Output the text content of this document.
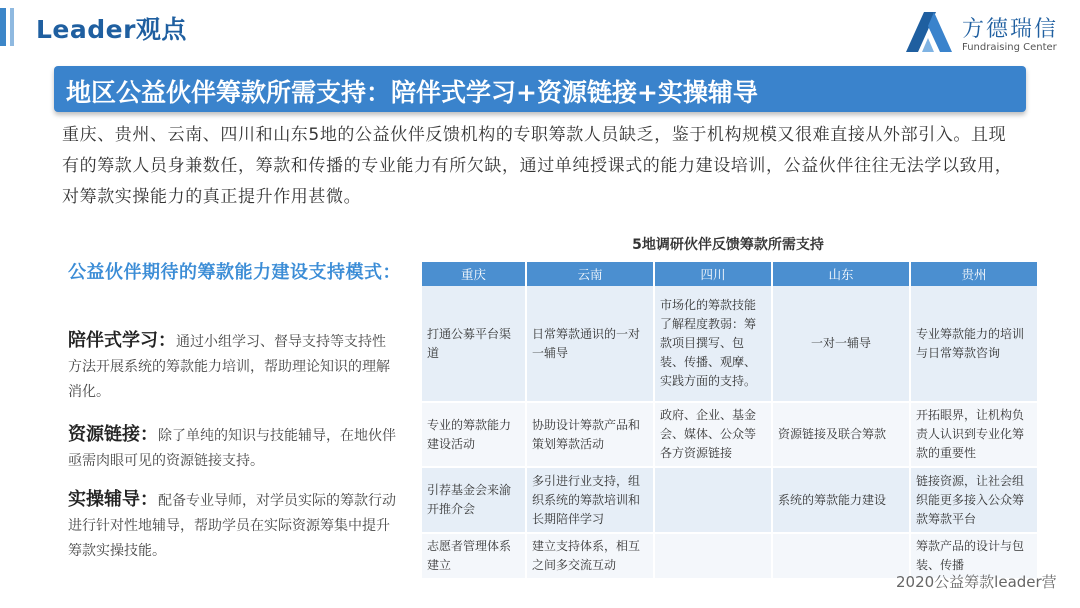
Leader观点	方德瑞信
Fundraising Center
地区公益伙伴筹款所需支持：陪伴式学习+资源链接+实操辅导
重庆、贵州、云南、四川和山东5地的公益伙伴反馈机构的专职筹款人员缺乏，鉴于机构规模又很难直接从外部引入。且现有的筹款人员身兼数任，筹款和传播的专业能力有所欠缺，通过单纯授课式的能力建设培训，公益伙伴往往无法学以致用，对筹款实操能力的真正提升作用甚微。
公益伙伴期待的筹款能力建设支持模式：
陪伴式学习：通过小组学习、督导支持等支持性方法开展系统的筹款能力培训，帮助理论知识的理解消化。
资源链接：除了单纯的知识与技能辅导，在地伙伴亟需肉眼可见的资源链接支持。
实操辅导：配备专业导师，对学员实际的筹款行动进行针对性地辅导，帮助学员在实际资源筹集中提升筹款实操技能。
5地调研伙伴反馈筹款所需支持
重庆	云南	四川	山东	贵州
打通公募平台渠道	日常筹款通识的一对一辅导	市场化的筹款技能了解程度教弱：筹款项目撰写、包装、传播、观摩、实践方面的支持。	一对一辅导	专业筹款能力的培训与日常筹款咨询
专业的筹款能力建设活动	协助设计筹款产品和策划筹款活动	政府、企业、基金会、媒体、公众等各方资源链接	资源链接及联合筹款	开拓眼界，让机构负责人认识到专业化筹款的重要性
引荐基金会来渝开推介会	多引进行业支持，组织系统的筹款培训和长期陪伴学习		系统的筹款能力建设	链接资源，让社会组织能更多接入公众筹款筹款平台
志愿者管理体系建立	建立支持体系，相互之间多交流互动			筹款产品的设计与包装、传播
2020公益筹款leader营
